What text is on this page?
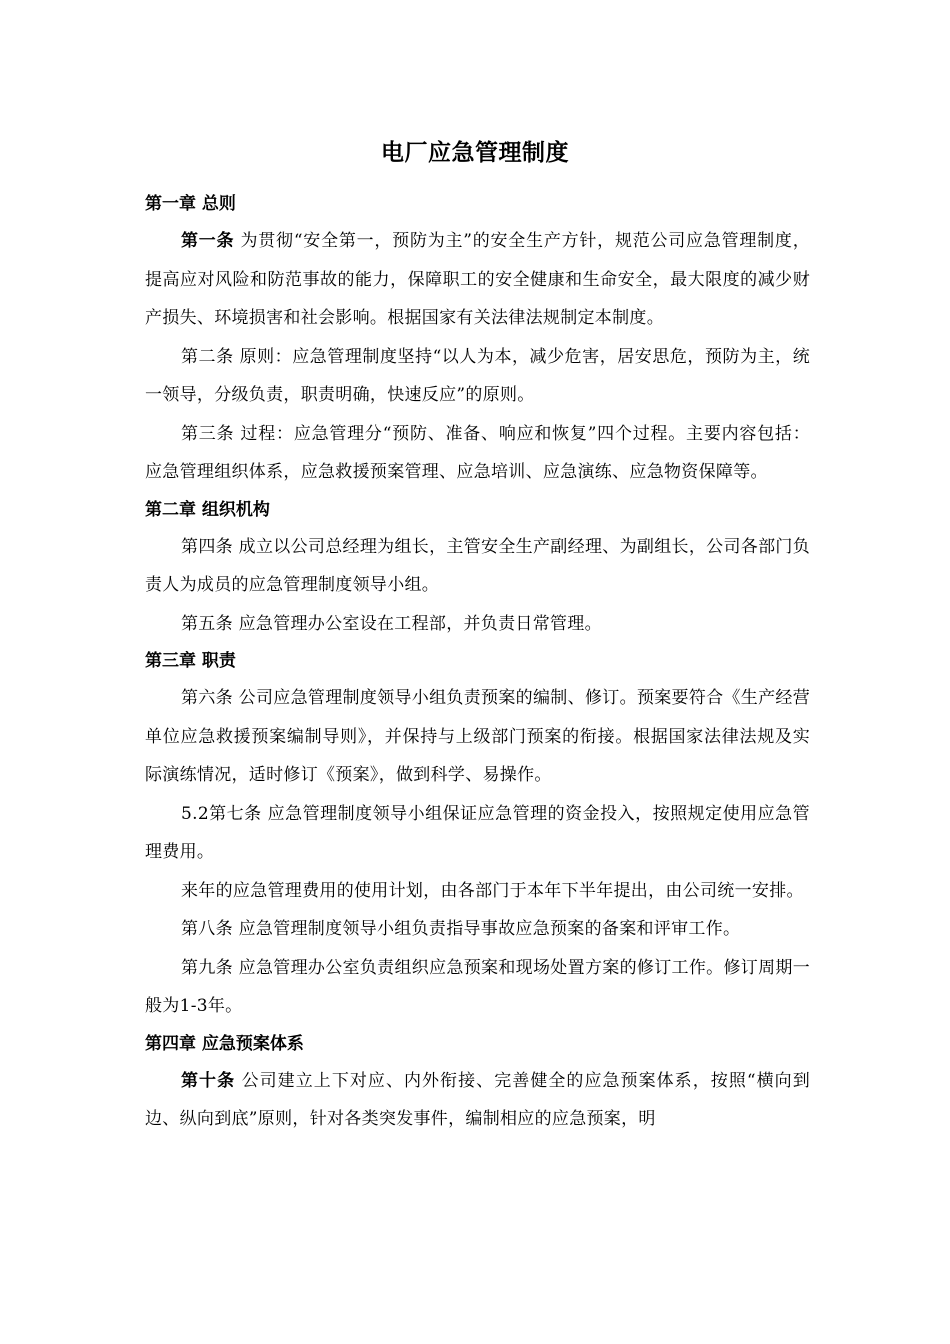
电厂应急管理制度
第一章 总则

第一条 为贯彻“安全第一，预防为主”的安全生产方针，规范公司应急管理制度，提高应对风险和防范事故的能力，保障职工的安全健康和生命安全，最大限度的减少财产损失、环境损害和社会影响。根据国家有关法律法规制定本制度。

第二条 原则：应急管理制度坚持“以人为本，减少危害，居安思危，预防为主，统一领导，分级负责，职责明确，快速反应”的原则。

第三条 过程：应急管理分“预防、准备、响应和恢复”四个过程。主要内容包括：应急管理组织体系，应急救援预案管理、应急培训、应急演练、应急物资保障等。

第二章 组织机构

第四条 成立以公司总经理为组长，主管安全生产副经理、为副组长，公司各部门负责人为成员的应急管理制度领导小组。

第五条 应急管理办公室设在工程部，并负责日常管理。

第三章 职责

第六条 公司应急管理制度领导小组负责预案的编制、修订。预案要符合《生产经营单位应急救援预案编制导则》，并保持与上级部门预案的衔接。根据国家法律法规及实际演练情况，适时修订《预案》，做到科学、易操作。

5.2第七条 应急管理制度领导小组保证应急管理的资金投入，按照规定使用应急管理费用。

来年的应急管理费用的使用计划，由各部门于本年下半年提出，由公司统一安排。

第八条 应急管理制度领导小组负责指导事故应急预案的备案和评审工作。

第九条 应急管理办公室负责组织应急预案和现场处置方案的修订工作。修订周期一般为1-3年。

第四章 应急预案体系

第十条 公司建立上下对应、内外衔接、完善健全的应急预案体系，按照“横向到边、纵向到底”原则，针对各类突发事件，编制相应的应急预案，明
